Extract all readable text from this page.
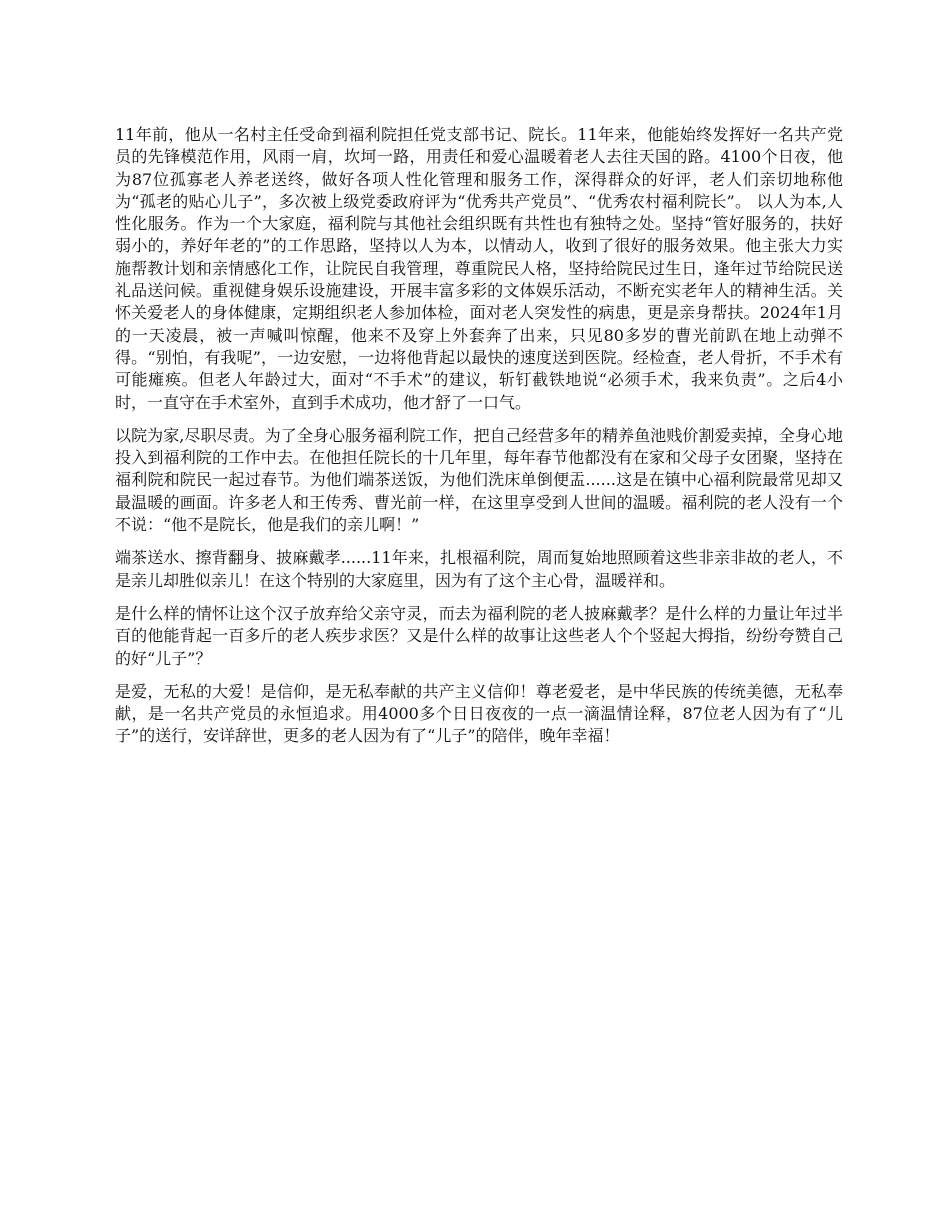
11年前，他从一名村主任受命到福利院担任党支部书记、院长。11年来，他能始终发挥好一名共产党员的先锋模范作用，风雨一肩，坎坷一路，用责任和爱心温暖着老人去往天国的路。4100个日夜，他为87位孤寡老人养老送终，做好各项人性化管理和服务工作，深得群众的好评，老人们亲切地称他为“孤老的贴心儿子”，多次被上级党委政府评为“优秀共产党员”、“优秀农村福利院长”。 以人为本,人性化服务。作为一个大家庭，福利院与其他社会组织既有共性也有独特之处。坚持“管好服务的，扶好弱小的，养好年老的”的工作思路，坚持以人为本，以情动人，收到了很好的服务效果。他主张大力实施帮教计划和亲情感化工作，让院民自我管理，尊重院民人格，坚持给院民过生日，逢年过节给院民送礼品送问候。重视健身娱乐设施建设，开展丰富多彩的文体娱乐活动，不断充实老年人的精神生活。关怀关爱老人的身体健康，定期组织老人参加体检，面对老人突发性的病患，更是亲身帮扶。2024年1月的一天凌晨，被一声喊叫惊醒，他来不及穿上外套奔了出来，只见80多岁的曹光前趴在地上动弹不得。“别怕，有我呢”，一边安慰，一边将他背起以最快的速度送到医院。经检查，老人骨折，不手术有可能瘫痪。但老人年龄过大，面对“不手术”的建议，斩钉截铁地说“必须手术，我来负责”。之后4小时，一直守在手术室外，直到手术成功，他才舒了一口气。

以院为家,尽职尽责。为了全身心服务福利院工作，把自己经营多年的精养鱼池贱价割爱卖掉，全身心地投入到福利院的工作中去。在他担任院长的十几年里，每年春节他都没有在家和父母子女团聚，坚持在福利院和院民一起过春节。为他们端茶送饭，为他们洗床单倒便盂......这是在镇中心福利院最常见却又最温暖的画面。许多老人和王传秀、曹光前一样，在这里享受到人世间的温暖。福利院的老人没有一个不说：“他不是院长，他是我们的亲儿啊！”

端茶送水、擦背翻身、披麻戴孝......11年来，扎根福利院，周而复始地照顾着这些非亲非故的老人，不是亲儿却胜似亲儿！在这个特别的大家庭里，因为有了这个主心骨，温暖祥和。

是什么样的情怀让这个汉子放弃给父亲守灵，而去为福利院的老人披麻戴孝？是什么样的力量让年过半百的他能背起一百多斤的老人疾步求医？又是什么样的故事让这些老人个个竖起大拇指，纷纷夸赞自己的好“儿子”？

是爱，无私的大爱！是信仰，是无私奉献的共产主义信仰！尊老爱老，是中华民族的传统美德，无私奉献，是一名共产党员的永恒追求。用4000多个日日夜夜的一点一滴温情诠释，87位老人因为有了“儿子”的送行，安详辞世，更多的老人因为有了“儿子”的陪伴，晚年幸福！
